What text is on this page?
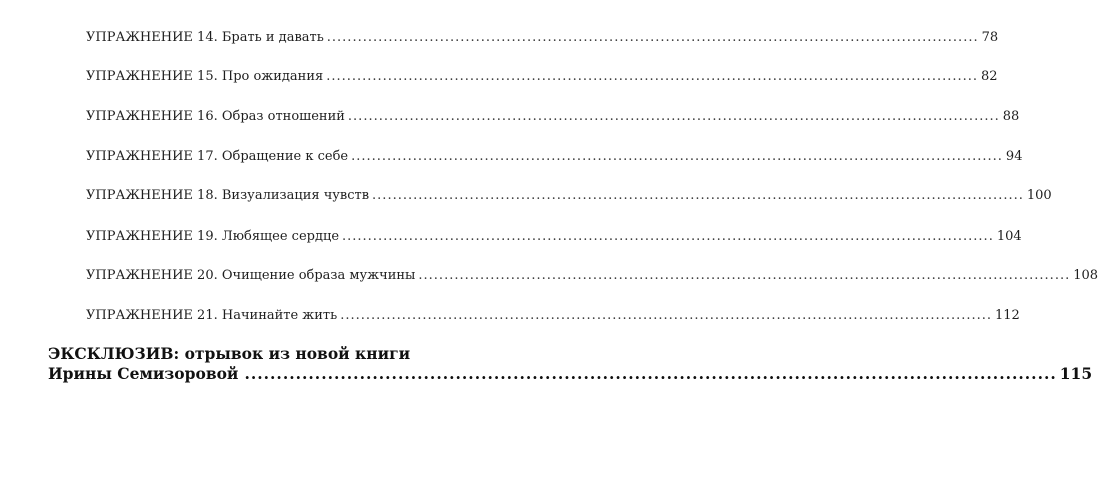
УПРАЖНЕНИЕ 14. Брать и давать ............................................................................................................................... 78
УПРАЖНЕНИЕ 15. Про ожидания ............................................................................................................................... 82
УПРАЖНЕНИЕ 16. Образ отношений ............................................................................................................................... 88
УПРАЖНЕНИЕ 17. Обращение к себе ............................................................................................................................... 94
УПРАЖНЕНИЕ 18. Визуализация чувств ............................................................................................................................... 100
УПРАЖНЕНИЕ 19. Любящее сердце ............................................................................................................................... 104
УПРАЖНЕНИЕ 20. Очищение образа мужчины ............................................................................................................................... 108
УПРАЖНЕНИЕ 21. Начинайте жить ............................................................................................................................... 112
ЭКСКЛЮЗИВ: отрывок из новой книги
Ирины Семизоровой ............................................................................................................................... 115
